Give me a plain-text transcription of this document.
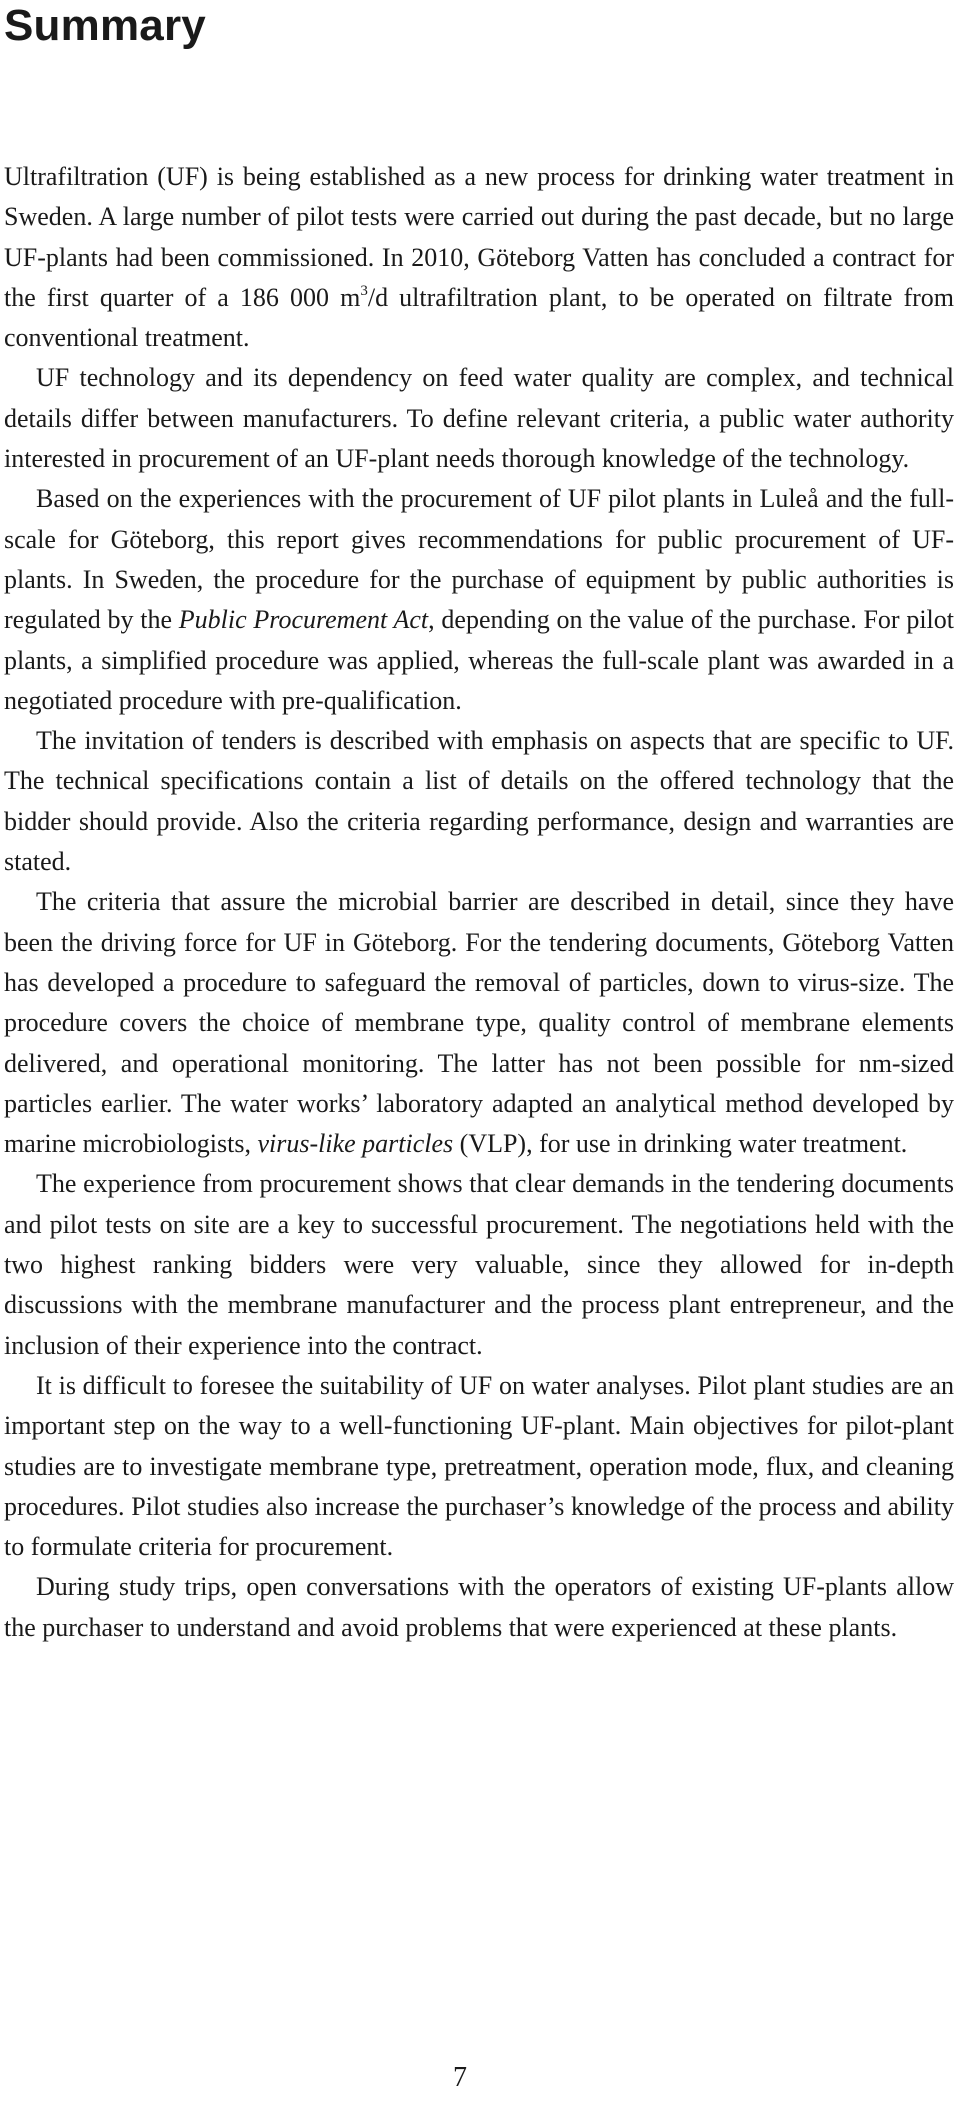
Summary

Ultrafiltration (UF) is being established as a new process for drinking water treatment in Sweden. A large number of pilot tests were carried out during the past decade, but no large UF-plants had been commissioned. In 2010, Göteborg Vatten has concluded a contract for the first quarter of a 186 000 $m^3/d$ ultrafiltration plant, to be operated on filtrate from conventional treatment.

UF technology and its dependency on feed water quality are complex, and technical details differ between manufacturers. To define relevant criteria, a public water authority interested in procurement of an UF-plant needs thorough knowledge of the technology.

Based on the experiences with the procurement of UF pilot plants in Luleå and the full-scale for Göteborg, this report gives recommendations for public procurement of UF-plants. In Sweden, the procedure for the purchase of equipment by public authorities is regulated by the Public Procurement Act, depending on the value of the purchase. For pilot plants, a simplified procedure was applied, whereas the full-scale plant was awarded in a negotiated procedure with pre-qualification.

The invitation of tenders is described with emphasis on aspects that are specific to UF. The technical specifications contain a list of details on the offered technology that the bidder should provide. Also the criteria regarding performance, design and warranties are stated.

The criteria that assure the microbial barrier are described in detail, since they have been the driving force for UF in Göteborg. For the tendering documents, Göteborg Vatten has developed a procedure to safeguard the removal of particles, down to virus-size. The procedure covers the choice of membrane type, quality control of membrane elements delivered, and operational monitoring. The latter has not been possible for nm-sized particles earlier. The water works’ laboratory adapted an analytical method developed by marine microbiologists, virus-like particles (VLP), for use in drinking water treatment.

The experience from procurement shows that clear demands in the tendering documents and pilot tests on site are a key to successful procurement. The negotiations held with the two highest ranking bidders were very valuable, since they allowed for in-depth discussions with the membrane manufacturer and the process plant entrepreneur, and the inclusion of their experience into the contract.

It is difficult to foresee the suitability of UF on water analyses. Pilot plant studies are an important step on the way to a well-functioning UF-plant. Main objectives for pilot-plant studies are to investigate membrane type, pretreatment, operation mode, flux, and cleaning procedures. Pilot studies also increase the purchaser’s knowledge of the process and ability to formulate criteria for procurement.

During study trips, open conversations with the operators of existing UF-plants allow the purchaser to understand and avoid problems that were experienced at these plants.

7
